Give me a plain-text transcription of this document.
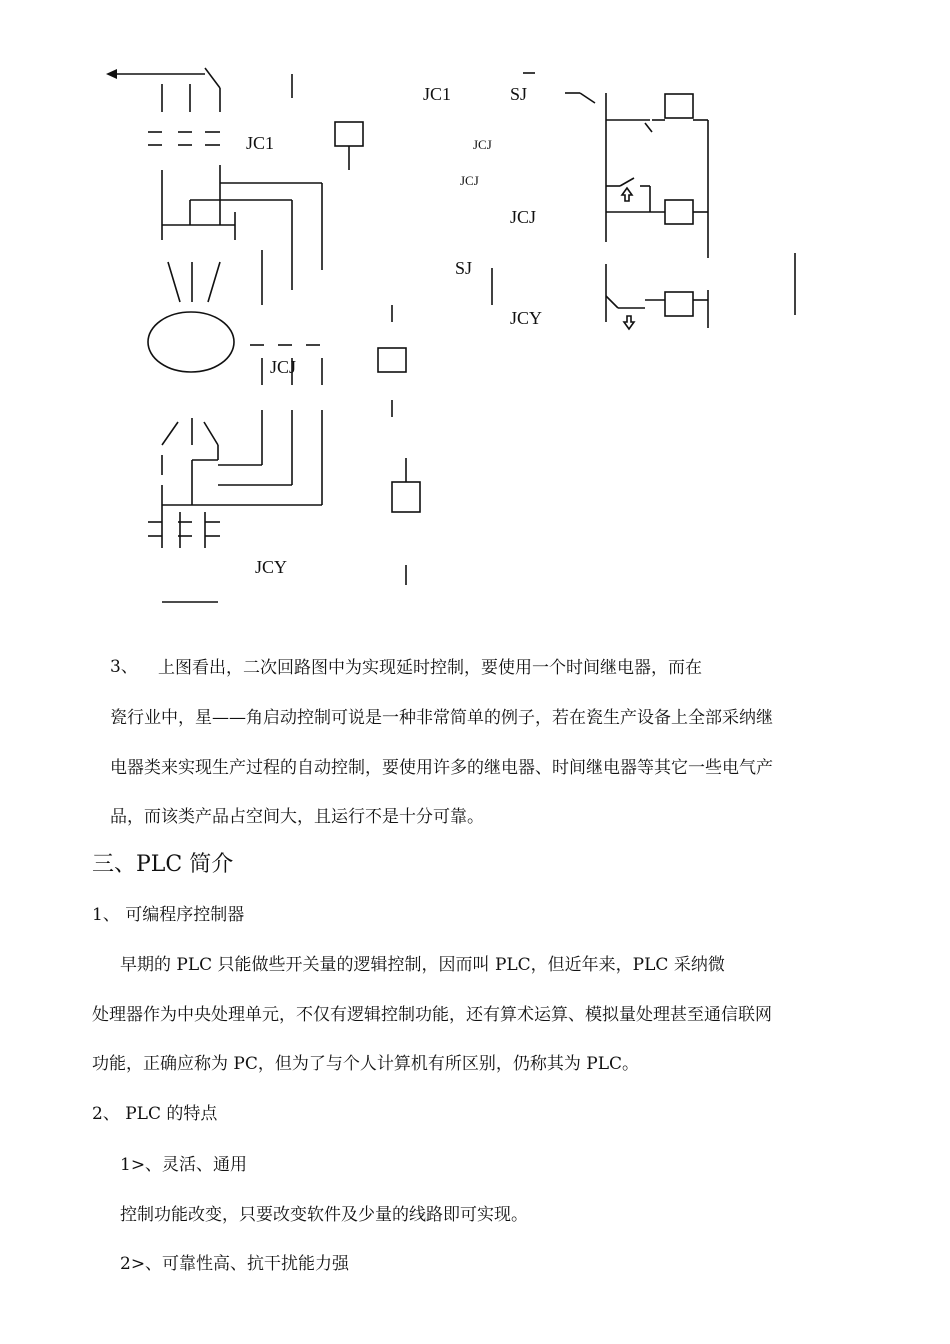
JC1
JCJ
JCY
JC1	SJ
JCJ
JCJ
JCJ
SJ
JCY
3、 上图看出，二次回路图中为实现延时控制，要使用一个时间继电器，而在
瓷行业中，星——角启动控制可说是一种非常简单的例子，若在瓷生产设备上全部采纳继
电器类来实现生产过程的自动控制，要使用许多的继电器、时间继电器等其它一些电气产
品，而该类产品占空间大，且运行不是十分可靠。
三、PLC 简介
1、 可编程序控制器
早期的 PLC 只能做些开关量的逻辑控制，因而叫 PLC，但近年来，PLC 采纳微
处理器作为中央处理单元，不仅有逻辑控制功能，还有算术运算、模拟量处理甚至通信联网
功能，正确应称为 PC，但为了与个人计算机有所区别，仍称其为 PLC。
2、 PLC 的特点
1>、灵活、通用
控制功能改变，只要改变软件及少量的线路即可实现。
2>、可靠性高、抗干扰能力强
